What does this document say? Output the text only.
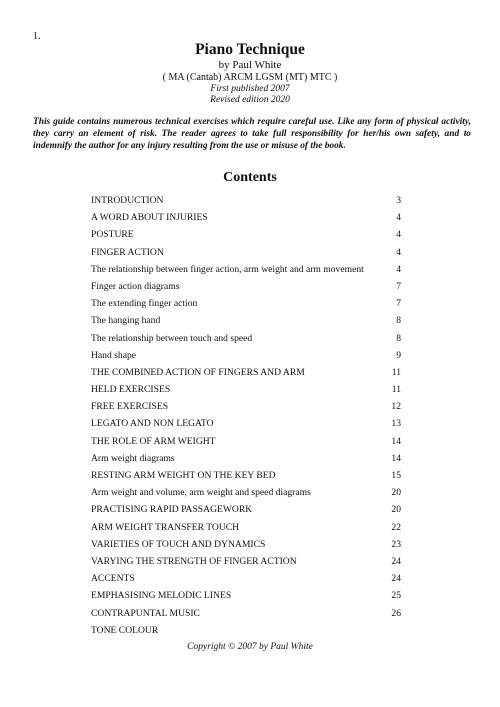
1.
Piano Technique
by Paul White
( MA (Cantab) ARCM LGSM (MT) MTC )
First published 2007
Revised edition 2020
This guide contains numerous technical exercises which require careful use. Like any form of physical activity, they carry an element of risk. The reader agrees to take full responsibility for her/his own safety, and to indemnify the author for any injury resulting from the use or misuse of the book.
Contents
INTRODUCTION	3
A WORD ABOUT INJURIES	4
POSTURE	4
FINGER ACTION	4
The relationship between finger action, arm weight and arm movement	4
Finger action diagrams	7
The extending finger action	7
The hanging hand	8
The relationship between touch and speed	8
Hand shape	9
THE COMBINED ACTION OF FINGERS AND ARM	11
HELD EXERCISES	11
FREE EXERCISES	12
LEGATO AND NON LEGATO	13
THE ROLE OF ARM WEIGHT	14
Arm weight diagrams	14
RESTING ARM WEIGHT ON THE KEY BED	15
Arm weight and volume, arm weight and speed diagrams	20
PRACTISING RAPID PASSAGEWORK	20
ARM WEIGHT TRANSFER TOUCH	22
VARIETIES OF TOUCH AND DYNAMICS	23
VARYING THE STRENGTH OF FINGER ACTION	24
ACCENTS	24
EMPHASISING MELODIC LINES	25
CONTRAPUNTAL MUSIC	26
TONE COLOUR
Copyright © 2007 by Paul White
